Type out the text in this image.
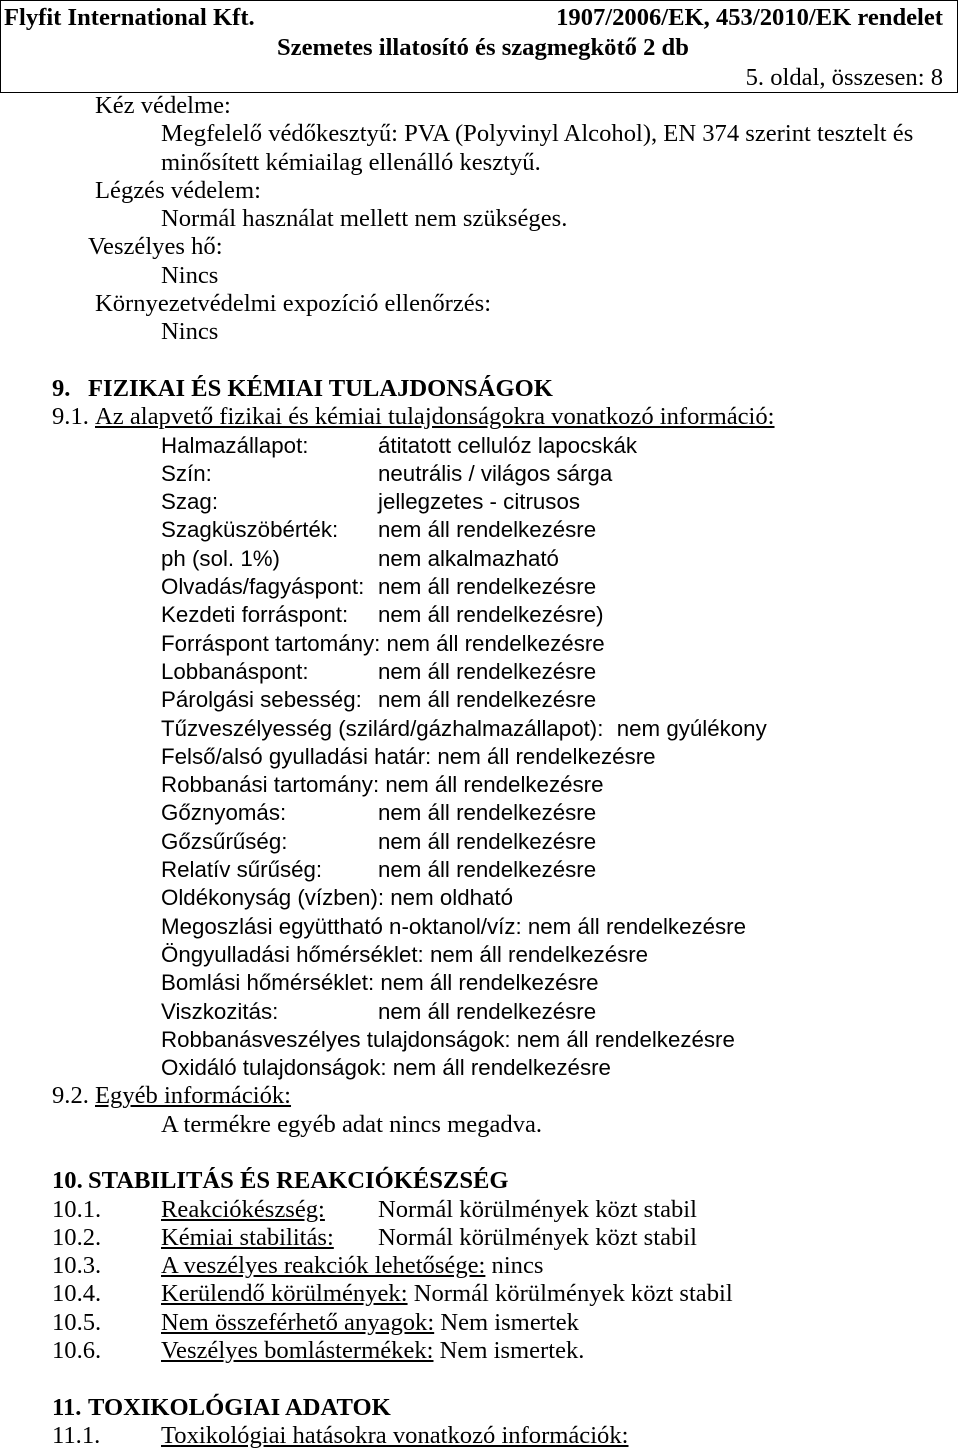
Flyfit International Kft.	1907/2006/EK, 453/2010/EK rendelet
Szemetes illatosító és szagmegkötő 2 db
5. oldal, összesen: 8
Kéz védelme:
Megfelelő védőkesztyű: PVA (Polyvinyl Alcohol), EN 374 szerint tesztelt és
minősített kémiailag ellenálló kesztyű.
Légzés védelem:
Normál használat mellett nem szükséges.
Veszélyes hő:
Nincs
Környezetvédelmi expozíció ellenőrzés:
Nincs
9. FIZIKAI ÉS KÉMIAI TULAJDONSÁGOK
9.1. Az alapvető fizikai és kémiai tulajdonságokra vonatkozó információ:
Halmazállapot:	átitatott cellulóz lapocskák
Szín:	neutrális / világos sárga
Szag:	jellegzetes - citrusos
Szagküszöbérték: nem áll rendelkezésre
ph (sol. 1%)	nem alkalmazható
Olvadás/fagyáspont: nem áll rendelkezésre
Kezdeti forráspont: nem áll rendelkezésre)
Forráspont tartomány: nem áll rendelkezésre
Lobbanáspont:	nem áll rendelkezésre
Párolgási sebesség: nem áll rendelkezésre
Tűzveszélyesség (szilárd/gázhalmazállapot): nem gyúlékony
Felső/alsó gyulladási határ: nem áll rendelkezésre
Robbanási tartomány: nem áll rendelkezésre
Gőznyomás:	nem áll rendelkezésre
Gőzsűrűség:	nem áll rendelkezésre
Relatív sűrűség:	nem áll rendelkezésre
Oldékonyság (vízben): nem oldható
Megoszlási együttható n-oktanol/víz: nem áll rendelkezésre
Öngyulladási hőmérséklet: nem áll rendelkezésre
Bomlási hőmérséklet: nem áll rendelkezésre
Viszkozitás:	nem áll rendelkezésre
Robbanásveszélyes tulajdonságok: nem áll rendelkezésre
Oxidáló tulajdonságok: nem áll rendelkezésre
9.2. Egyéb információk:
A termékre egyéb adat nincs megadva.
10. STABILITÁS ÉS REAKCIÓKÉSZSÉG
10.1. Reakciókészség: Normál körülmények közt stabil
10.2. Kémiai stabilitás: Normál körülmények közt stabil
10.3. A veszélyes reakciók lehetősége: nincs
10.4. Kerülendő körülmények: Normál körülmények közt stabil
10.5. Nem összeférhető anyagok: Nem ismertek
10.6. Veszélyes bomlástermékek: Nem ismertek.
11. TOXIKOLÓGIAI ADATOK
11.1. Toxikológiai hatásokra vonatkozó információk:
